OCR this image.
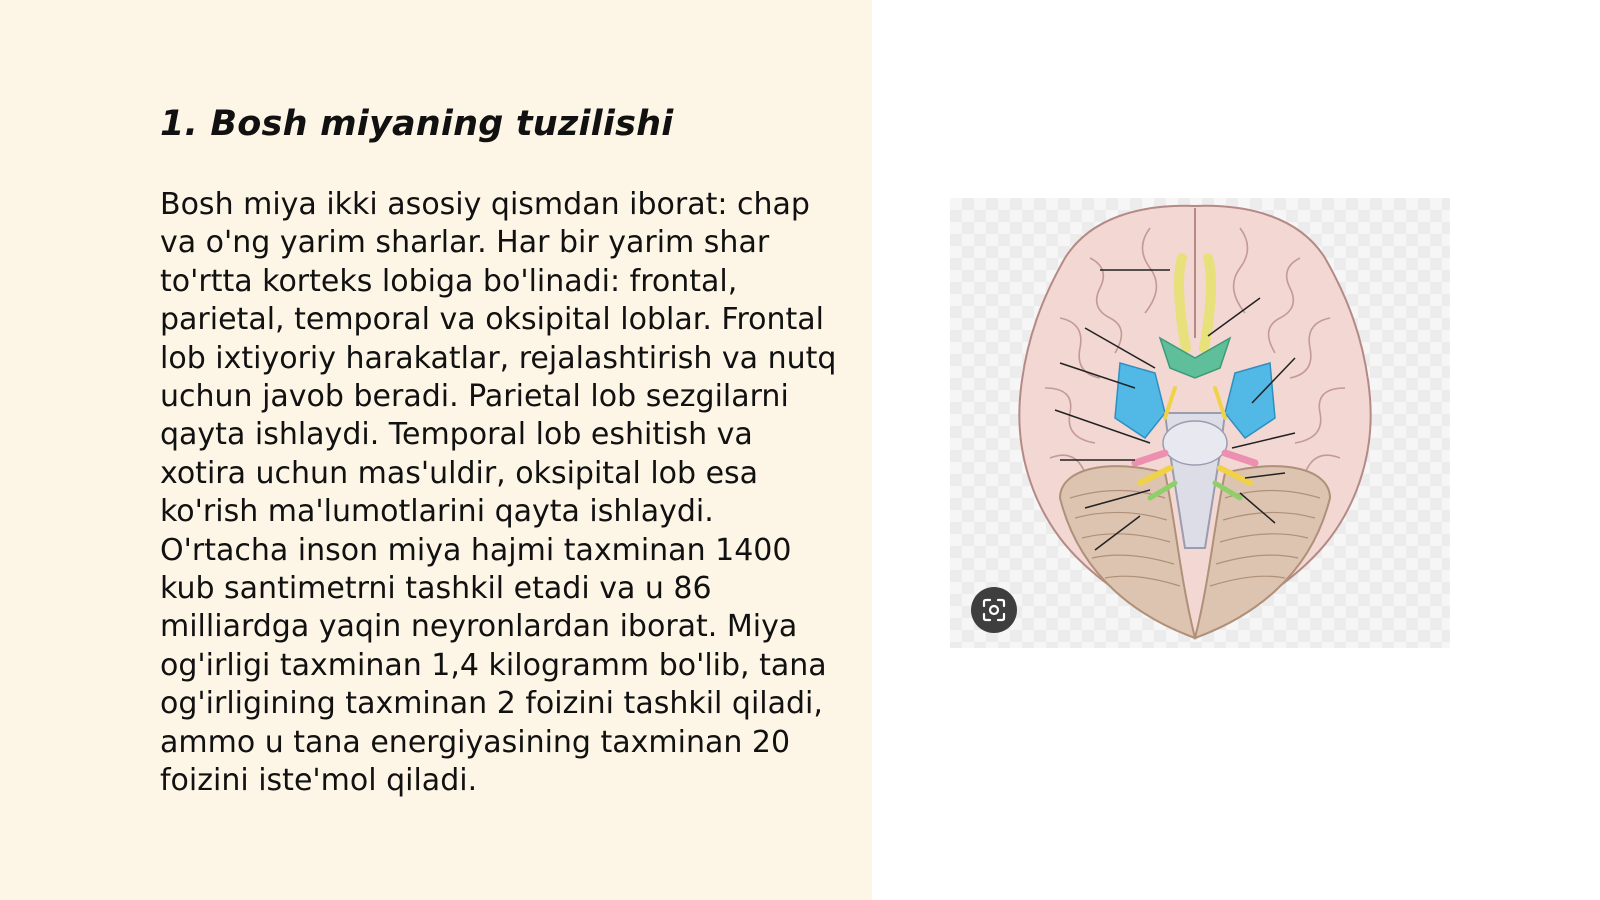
1. Bosh miyaning tuzilishi

Bosh miya ikki asosiy qismdan iborat: chap va o'ng yarim sharlar. Har bir yarim shar to'rtta korteks lobiga bo'linadi: frontal, parietal, temporal va oksipital loblar. Frontal lob ixtiyoriy harakatlar, rejalashtirish va nutq uchun javob beradi. Parietal lob sezgilarni qayta ishlaydi. Temporal lob eshitish va xotira uchun mas'uldir, oksipital lob esa ko'rish ma'lumotlarini qayta ishlaydi. O'rtacha inson miya hajmi taxminan 1400 kub santimetrni tashkil etadi va u 86 milliardga yaqin neyronlardan iborat. Miya og'irligi taxminan 1,4 kilogramm bo'lib, tana og'irligining taxminan 2 foizini tashkil qiladi, ammo u tana energiyasining taxminan 20 foizini iste'mol qiladi.
